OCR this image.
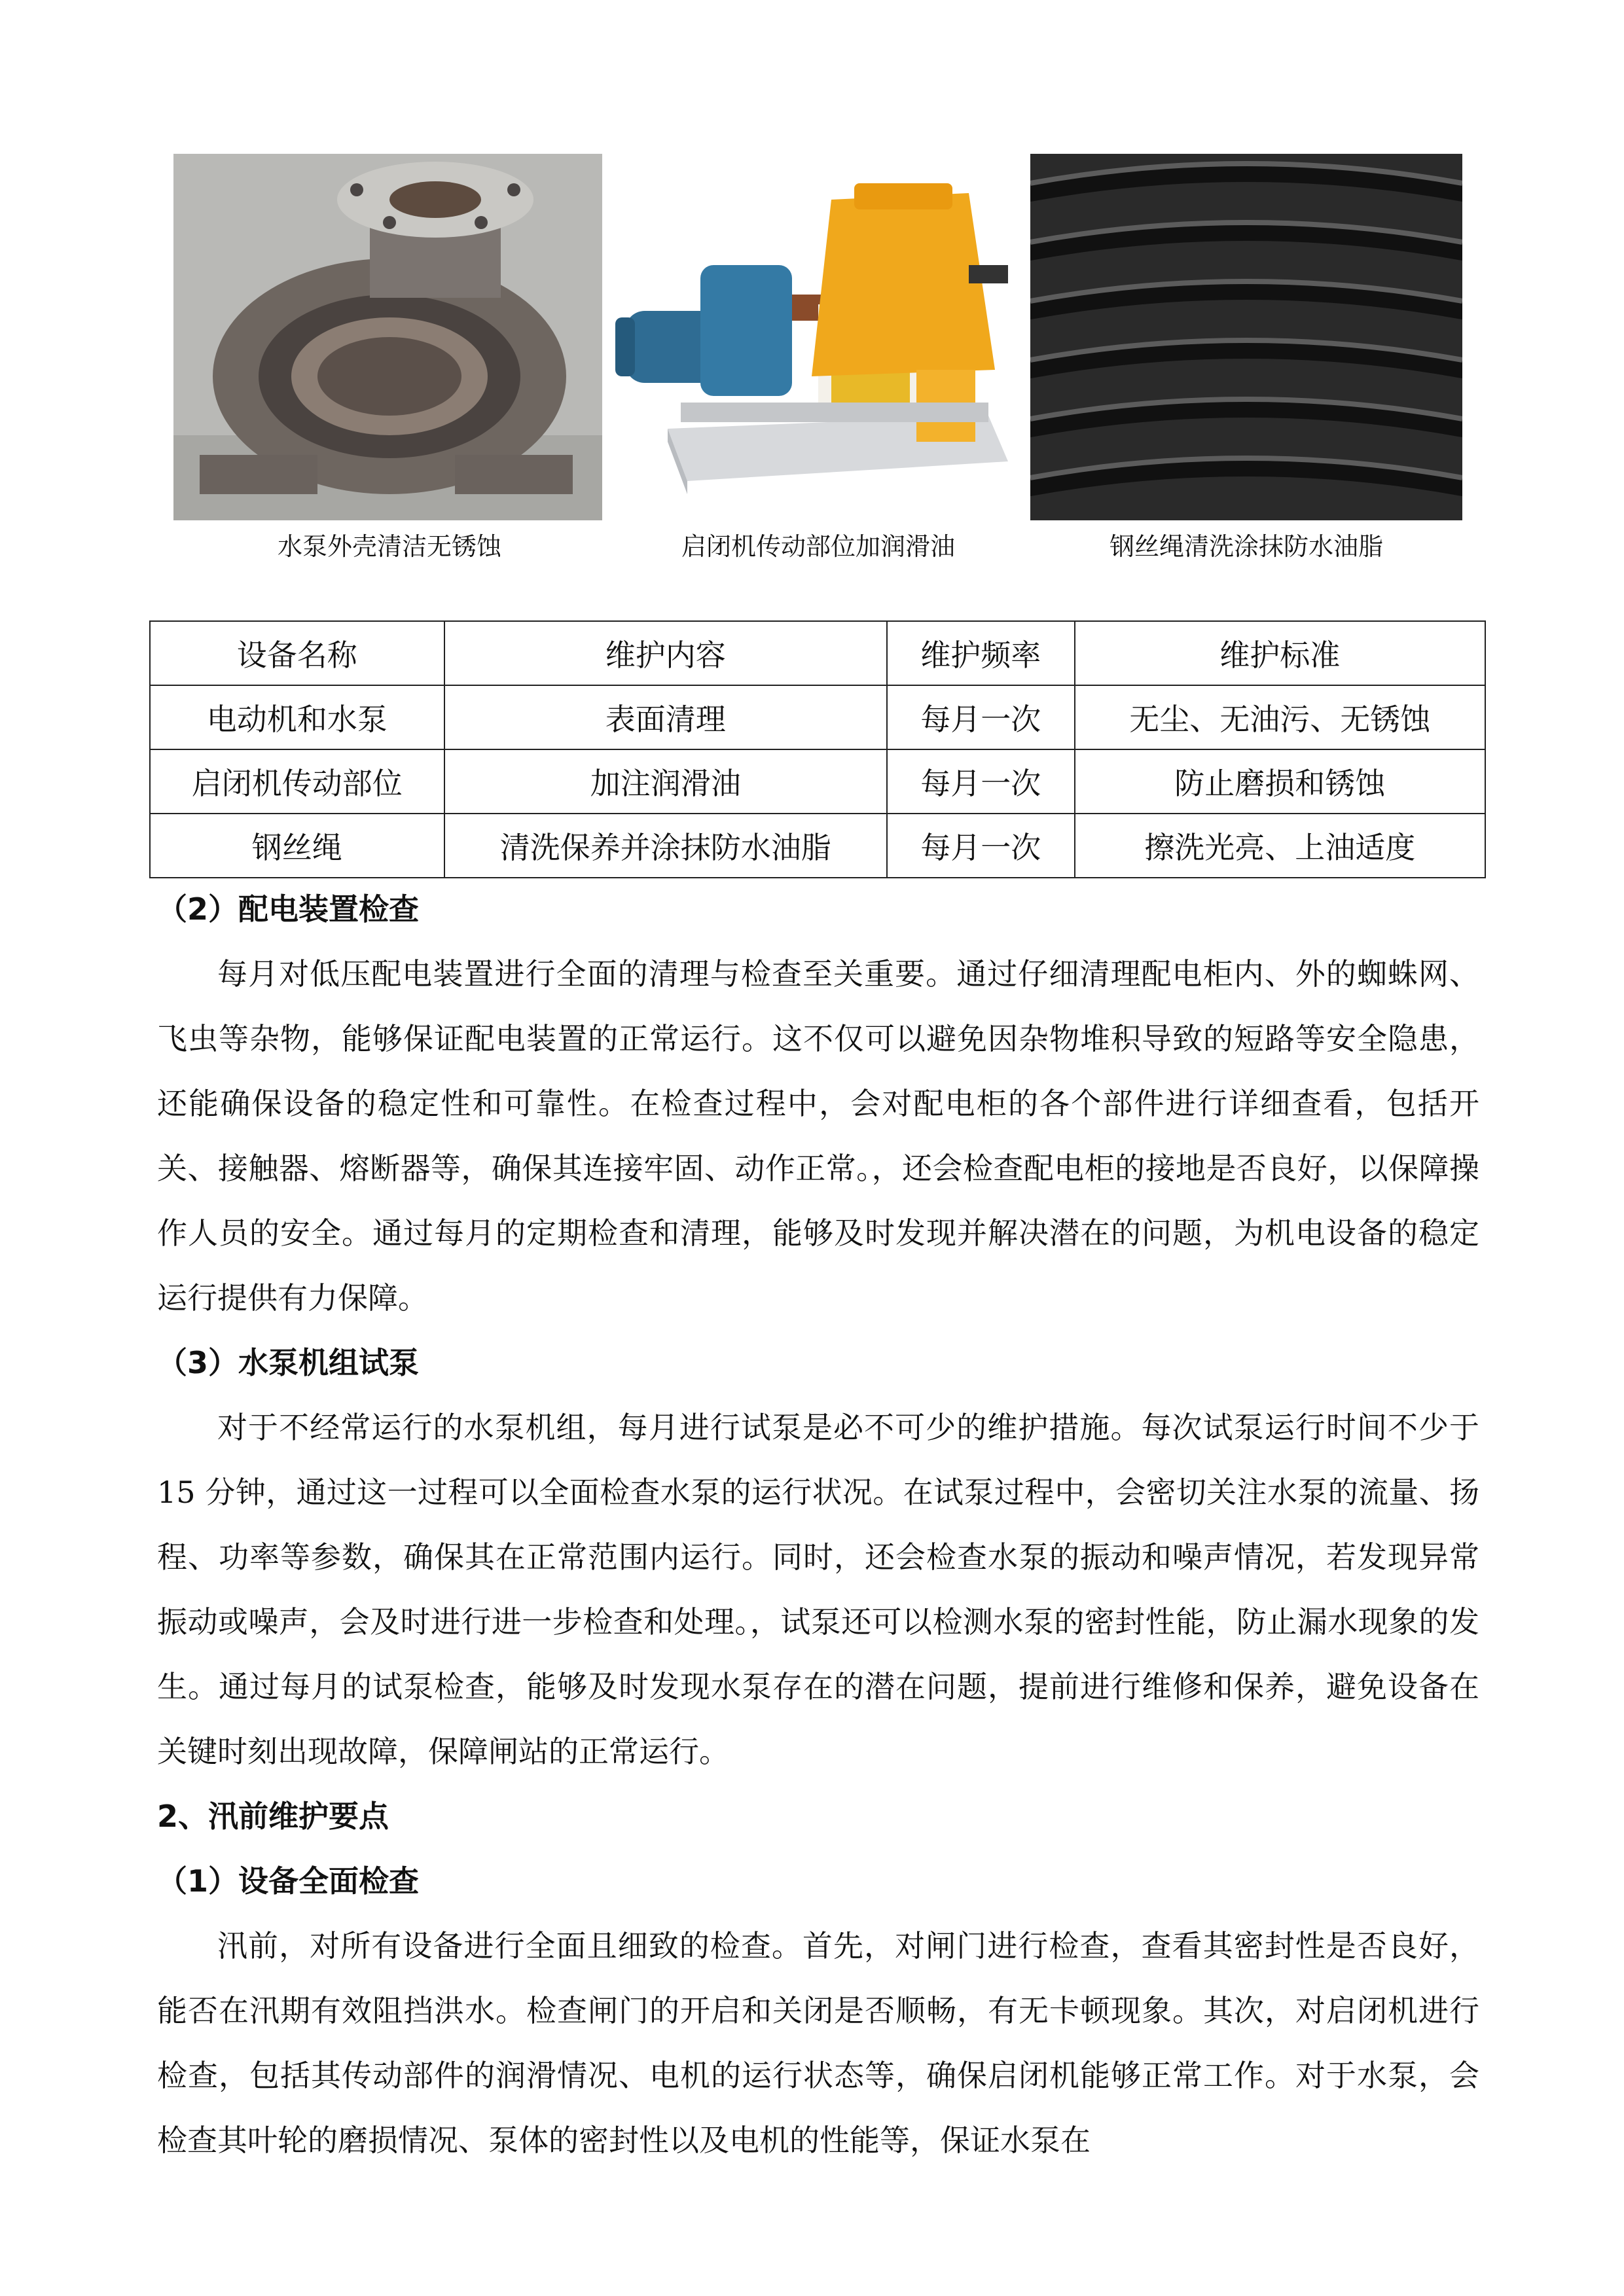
水泵外壳清洁无锈蚀	启闭机传动部位加润滑油	钢丝绳清洗涂抹防水油脂
设备名称	维护内容	维护频率	维护标准
电动机和水泵	表面清理	每月一次	无尘、无油污、无锈蚀
启闭机传动部位	加注润滑油	每月一次	防止磨损和锈蚀
钢丝绳	清洗保养并涂抹防水油脂	每月一次	擦洗光亮、上油适度
（2）配电装置检查

每月对低压配电装置进行全面的清理与检查至关重要。通过仔细清理配电柜内、外的蜘蛛网、飞虫等杂物，能够保证配电装置的正常运行。这不仅可以避免因杂物堆积导致的短路等安全隐患，还能确保设备的稳定性和可靠性。在检查过程中，会对配电柜的各个部件进行详细查看，包括开关、接触器、熔断器等，确保其连接牢固、动作正常。，还会检查配电柜的接地是否良好，以保障操作人员的安全。通过每月的定期检查和清理，能够及时发现并解决潜在的问题，为机电设备的稳定运行提供有力保障。

（3）水泵机组试泵

对于不经常运行的水泵机组，每月进行试泵是必不可少的维护措施。每次试泵运行时间不少于 15 分钟，通过这一过程可以全面检查水泵的运行状况。在试泵过程中，会密切关注水泵的流量、扬程、功率等参数，确保其在正常范围内运行。同时，还会检查水泵的振动和噪声情况，若发现异常振动或噪声，会及时进行进一步检查和处理。，试泵还可以检测水泵的密封性能，防止漏水现象的发生。通过每月的试泵检查，能够及时发现水泵存在的潜在问题，提前进行维修和保养，避免设备在关键时刻出现故障，保障闸站的正常运行。

2、汛前维护要点
（1）设备全面检查

汛前，对所有设备进行全面且细致的检查。首先，对闸门进行检查，查看其密封性是否良好，能否在汛期有效阻挡洪水。检查闸门的开启和关闭是否顺畅，有无卡顿现象。其次，对启闭机进行检查，包括其传动部件的润滑情况、电机的运行状态等，确保启闭机能够正常工作。对于水泵，会检查其叶轮的磨损情况、泵体的密封性以及电机的性能等，保证水泵在
